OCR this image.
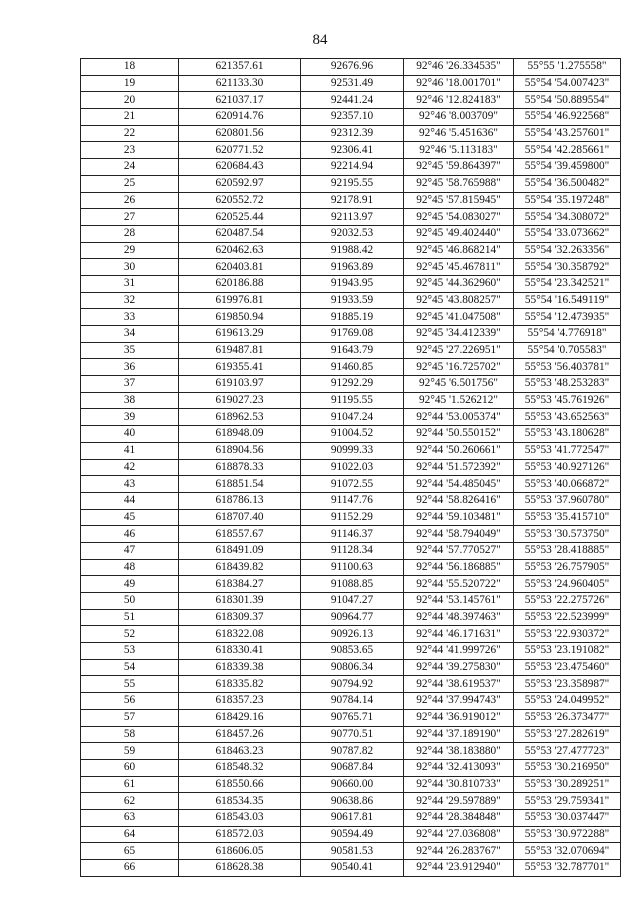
84
18	621357.61	92676.96	92°46 '26.334535"	55°55 '1.275558"
19	621133.30	92531.49	92°46 '18.001701"	55°54 '54.007423"
20	621037.17	92441.24	92°46 '12.824183"	55°54 '50.889554"
21	620914.76	92357.10	92°46 '8.003709"	55°54 '46.922568"
22	620801.56	92312.39	92°46 '5.451636"	55°54 '43.257601"
23	620771.52	92306.41	92°46 '5.113183"	55°54 '42.285661"
24	620684.43	92214.94	92°45 '59.864397"	55°54 '39.459800"
25	620592.97	92195.55	92°45 '58.765988"	55°54 '36.500482"
26	620552.72	92178.91	92°45 '57.815945"	55°54 '35.197248"
27	620525.44	92113.97	92°45 '54.083027"	55°54 '34.308072"
28	620487.54	92032.53	92°45 '49.402440"	55°54 '33.073662"
29	620462.63	91988.42	92°45 '46.868214"	55°54 '32.263356"
30	620403.81	91963.89	92°45 '45.467811"	55°54 '30.358792"
31	620186.88	91943.95	92°45 '44.362960"	55°54 '23.342521"
32	619976.81	91933.59	92°45 '43.808257"	55°54 '16.549119"
33	619850.94	91885.19	92°45 '41.047508"	55°54 '12.473935"
34	619613.29	91769.08	92°45 '34.412339"	55°54 '4.776918"
35	619487.81	91643.79	92°45 '27.226951"	55°54 '0.705583"
36	619355.41	91460.85	92°45 '16.725702"	55°53 '56.403781"
37	619103.97	91292.29	92°45 '6.501756"	55°53 '48.253283"
38	619027.23	91195.55	92°45 '1.526212"	55°53 '45.761926"
39	618962.53	91047.24	92°44 '53.005374"	55°53 '43.652563"
40	618948.09	91004.52	92°44 '50.550152"	55°53 '43.180628"
41	618904.56	90999.33	92°44 '50.260661"	55°53 '41.772547"
42	618878.33	91022.03	92°44 '51.572392"	55°53 '40.927126"
43	618851.54	91072.55	92°44 '54.485045"	55°53 '40.066872"
44	618786.13	91147.76	92°44 '58.826416"	55°53 '37.960780"
45	618707.40	91152.29	92°44 '59.103481"	55°53 '35.415710"
46	618557.67	91146.37	92°44 '58.794049"	55°53 '30.573750"
47	618491.09	91128.34	92°44 '57.770527"	55°53 '28.418885"
48	618439.82	91100.63	92°44 '56.186885"	55°53 '26.757905"
49	618384.27	91088.85	92°44 '55.520722"	55°53 '24.960405"
50	618301.39	91047.27	92°44 '53.145761"	55°53 '22.275726"
51	618309.37	90964.77	92°44 '48.397463"	55°53 '22.523999"
52	618322.08	90926.13	92°44 '46.171631"	55°53 '22.930372"
53	618330.41	90853.65	92°44 '41.999726"	55°53 '23.191082"
54	618339.38	90806.34	92°44 '39.275830"	55°53 '23.475460"
55	618335.82	90794.92	92°44 '38.619537"	55°53 '23.358987"
56	618357.23	90784.14	92°44 '37.994743"	55°53 '24.049952"
57	618429.16	90765.71	92°44 '36.919012"	55°53 '26.373477"
58	618457.26	90770.51	92°44 '37.189190"	55°53 '27.282619"
59	618463.23	90787.82	92°44 '38.183880"	55°53 '27.477723"
60	618548.32	90687.84	92°44 '32.413093"	55°53 '30.216950"
61	618550.66	90660.00	92°44 '30.810733"	55°53 '30.289251"
62	618534.35	90638.86	92°44 '29.597889"	55°53 '29.759341"
63	618543.03	90617.81	92°44 '28.384848"	55°53 '30.037447"
64	618572.03	90594.49	92°44 '27.036808"	55°53 '30.972288"
65	618606.05	90581.53	92°44 '26.283767"	55°53 '32.070694"
66	618628.38	90540.41	92°44 '23.912940"	55°53 '32.787701"
